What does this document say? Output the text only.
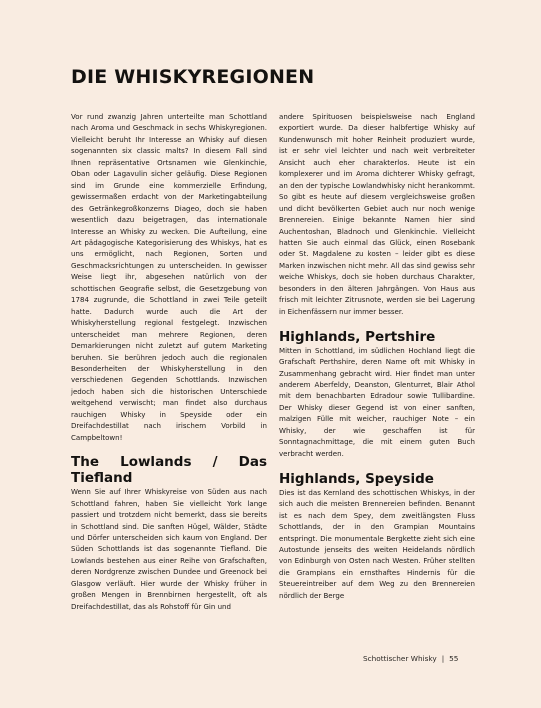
DIE WHISKYREGIONEN

Vor rund zwanzig Jahren unterteilte man Schottland nach Aroma und Geschmack in sechs Whiskyregionen. Vielleicht beruht Ihr Interesse an Whisky auf diesen sogenannten six classic malts? In diesem Fall sind Ihnen repräsentative Ortsnamen wie Glenkinchie, Oban oder Lagavulin sicher geläufig. Diese Regionen sind im Grunde eine kommerzielle Erfindung, gewissermaßen erdacht von der Marketingabteilung des Getränkegroßkonzerns Diageo, doch sie haben wesentlich dazu beigetragen, das internationale Interesse an Whisky zu wecken. Die Aufteilung, eine Art pädagogische Kategorisierung des Whiskys, hat es uns ermöglicht, nach Regionen, Sorten und Geschmacksrichtungen zu unterscheiden. In gewisser Weise liegt ihr, abgesehen natürlich von der schottischen Geografie selbst, die Gesetzgebung von 1784 zugrunde, die Schottland in zwei Teile geteilt hatte. Dadurch wurde auch die Art der Whiskyherstellung regional festgelegt. Inzwischen unterscheidet man mehrere Regionen, deren Demarkierungen nicht zuletzt auf gutem Marketing beruhen. Sie berühren jedoch auch die regionalen Besonderheiten der Whiskyherstellung in den verschiedenen Gegenden Schottlands. Inzwischen jedoch haben sich die historischen Unterschiede weitgehend verwischt; man findet also durchaus rauchigen Whisky in Speyside oder ein Dreifachdestillat nach irischem Vorbild in Campbeltown!

The Lowlands / Das Tiefland

Wenn Sie auf Ihrer Whiskyreise von Süden aus nach Schottland fahren, haben Sie vielleicht York lange passiert und trotzdem nicht bemerkt, dass sie bereits in Schottland sind. Die sanften Hügel, Wälder, Städte und Dörfer unterscheiden sich kaum von England. Der Süden Schottlands ist das sogenannte Tiefland. Die Lowlands bestehen aus einer Reihe von Grafschaften, deren Nordgrenze zwischen Dundee und Greenock bei Glasgow verläuft. Hier wurde der Whisky früher in großen Mengen in Brennbirnen hergestellt, oft als Dreifachdestillat, das als Rohstoff für Gin und

andere Spirituosen beispielsweise nach England exportiert wurde. Da dieser halbfertige Whisky auf Kundenwunsch mit hoher Reinheit produziert wurde, ist er sehr viel leichter und nach weit verbreiteter Ansicht auch eher charakterlos. Heute ist ein komplexerer und im Aroma dichterer Whisky gefragt, an den der typische Lowlandwhisky nicht herankommt. So gibt es heute auf diesem vergleichsweise großen und dicht bevölkerten Gebiet auch nur noch wenige Brennereien. Einige bekannte Namen hier sind Auchentoshan, Bladnoch und Glenkinchie. Vielleicht hatten Sie auch einmal das Glück, einen Rosebank oder St. Magdalene zu kosten – leider gibt es diese Marken inzwischen nicht mehr. All das sind gewiss sehr weiche Whiskys, doch sie hoben durchaus Charakter, besonders in den älteren Jahrgängen. Von Haus aus frisch mit leichter Zitrusnote, werden sie bei Lagerung in Eichenfässern nur immer besser.

Highlands, Pertshire

Mitten in Schottland, im südlichen Hochland liegt die Grafschaft Perthshire, deren Name oft mit Whisky in Zusammenhang gebracht wird. Hier findet man unter anderem Aberfeldy, Deanston, Glenturret, Blair Athol mit dem benachbarten Edradour sowie Tullibardine. Der Whisky dieser Gegend ist von einer sanften, malzigen Fülle mit weicher, rauchiger Note – ein Whisky, der wie geschaffen ist für Sonntagnachmittage, die mit einem guten Buch verbracht werden.

Highlands, Speyside

Dies ist das Kernland des schottischen Whiskys, in der sich auch die meisten Brennereien befinden. Benannt ist es nach dem Spey, dem zweitlängsten Fluss Schottlands, der in den Grampian Mountains entspringt. Die monumentale Bergkette zieht sich eine Autostunde jenseits des weiten Heidelands nördlich von Edinburgh von Osten nach Westen. Früher stellten die Grampians ein ernsthaftes Hindernis für die Steuereintreiber auf dem Weg zu den Brennereien nördlich der Berge

Schottischer Whisky | 55
